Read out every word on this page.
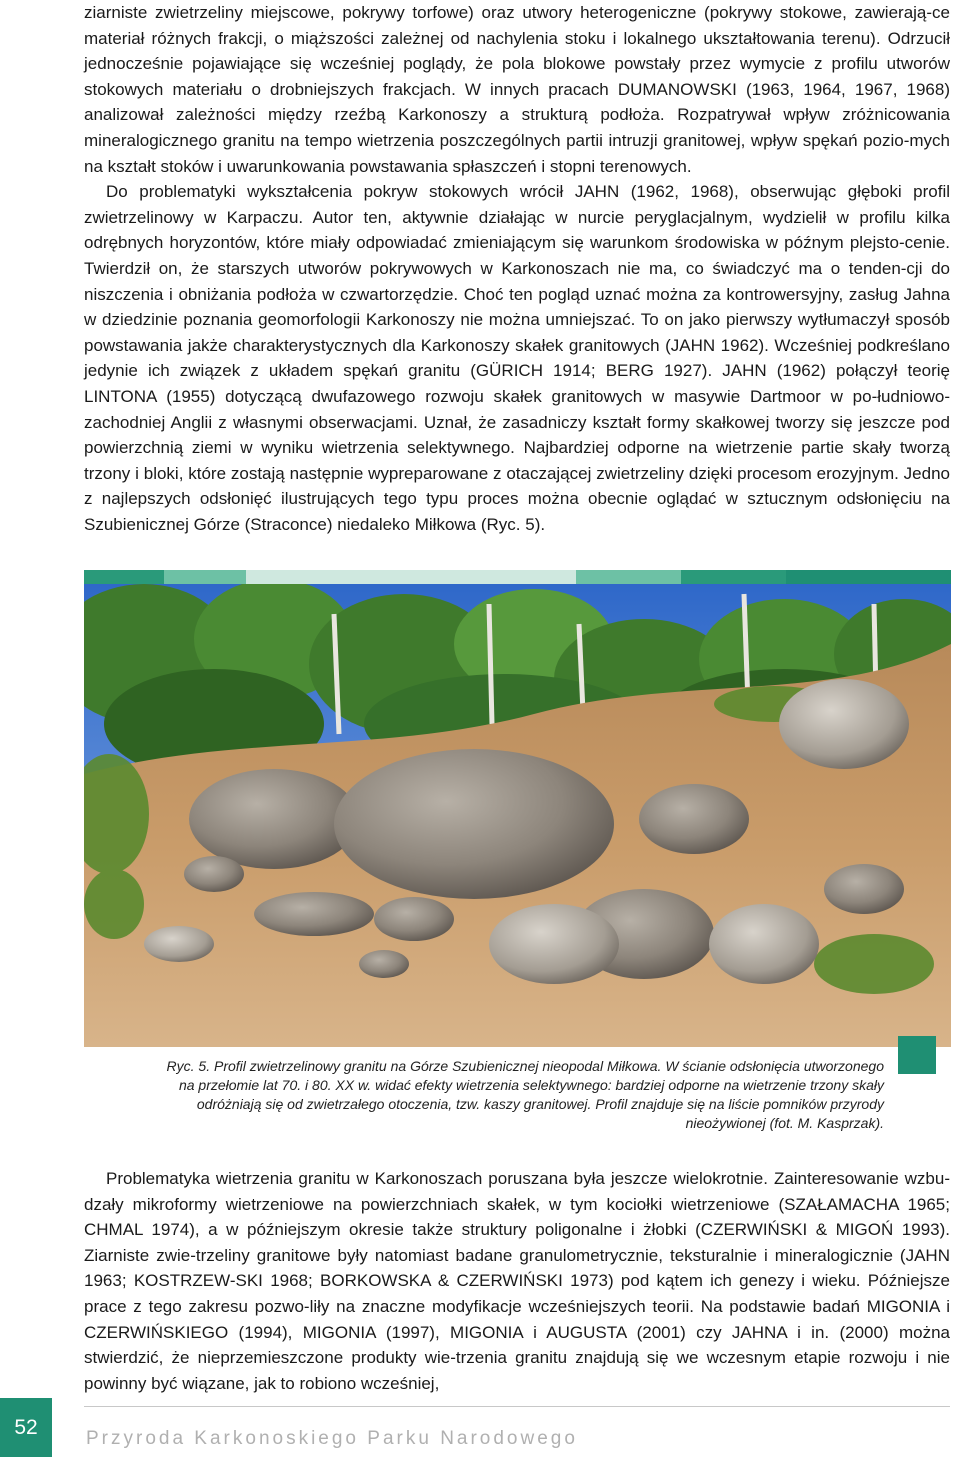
ziarniste zwietrzeliny miejscowe, pokrywy torfowe) oraz utwory heterogeniczne (pokrywy stokowe, zawierają-ce materiał różnych frakcji, o miąższości zależnej od nachylenia stoku i lokalnego ukształtowania terenu). Odrzucił jednocześnie pojawiające się wcześniej poglądy, że pola blokowe powstały przez wymycie z profilu utworów stokowych materiału o drobniejszych frakcjach. W innych pracach DUMANOWSKI (1963, 1964, 1967, 1968) analizował zależności między rzeźbą Karkonoszy a strukturą podłoża. Rozpatrywał wpływ zróżnicowania mineralogicznego granitu na tempo wietrzenia poszczególnych partii intruzji granitowej, wpływ spękań pozio-mych na kształt stoków i uwarunkowania powstawania spłaszczeń i stopni terenowych.

Do problematyki wykształcenia pokryw stokowych wrócił JAHN (1962, 1968), obserwując głęboki profil zwietrzelinowy w Karpaczu. Autor ten, aktywnie działając w nurcie peryglacjalnym, wydzielił w profilu kilka odrębnych horyzontów, które miały odpowiadać zmieniającym się warunkom środowiska w późnym plejsto-cenie. Twierdził on, że starszych utworów pokrywowych w Karkonoszach nie ma, co świadczyć ma o tenden-cji do niszczenia i obniżania podłoża w czwartorzędzie. Choć ten pogląd uznać można za kontrowersyjny, zasług Jahna w dziedzinie poznania geomorfologii Karkonoszy nie można umniejszać. To on jako pierwszy wytłumaczył sposób powstawania jakże charakterystycznych dla Karkonoszy skałek granitowych (JAHN 1962). Wcześniej podkreślano jedynie ich związek z układem spękań granitu (GÜRICH 1914; BERG 1927). JAHN (1962) połączył teorię LINTONA (1955) dotyczącą dwufazowego rozwoju skałek granitowych w masywie Dartmoor w po-łudniowo-zachodniej Anglii z własnymi obserwacjami. Uznał, że zasadniczy kształt formy skałkowej tworzy się jeszcze pod powierzchnią ziemi w wyniku wietrzenia selektywnego. Najbardziej odporne na wietrzenie partie skały tworzą trzony i bloki, które zostają następnie wypreparowane z otaczającej zwietrzeliny dzięki procesom erozyjnym. Jedno z najlepszych odsłonięć ilustrujących tego typu proces można obecnie oglądać w sztucznym odsłonięciu na Szubienicznej Górze (Straconce) niedaleko Miłkowa (Ryc. 5).

Ryc. 5. Profil zwietrzelinowy granitu na Górze Szubienicznej nieopodal Miłkowa. W ścianie odsłonięcia utworzonego na przełomie lat 70. i 80. XX w. widać efekty wietrzenia selektywnego: bardziej odporne na wietrzenie trzony skały odróżniają się od zwietrzałego otoczenia, tzw. kaszy granitowej. Profil znajduje się na liście pomników przyrody nieożywionej (fot. M. Kasprzak).

Problematyka wietrzenia granitu w Karkonoszach poruszana była jeszcze wielokrotnie. Zainteresowanie wzbu-dzały mikroformy wietrzeniowe na powierzchniach skałek, w tym kociołki wietrzeniowe (SZAŁAMACHA 1965; CHMAL 1974), a w późniejszym okresie także struktury poligonalne i żłobki (CZERWIŃSKI & MIGOŃ 1993). Ziarniste zwie-trzeliny granitowe były natomiast badane granulometrycznie, teksturalnie i mineralogicznie (JAHN 1963; KOSTRZEW-SKI 1968; BORKOWSKA & CZERWIŃSKI 1973) pod kątem ich genezy i wieku. Późniejsze prace z tego zakresu pozwo-liły na znaczne modyfikacje wcześniejszych teorii. Na podstawie badań MIGONIA i CZERWIŃSKIEGO (1994), MIGONIA (1997), MIGONIA i AUGUSTA (2001) czy JAHNA i in. (2000) można stwierdzić, że nieprzemieszczone produkty wie-trzenia granitu znajdują się we wczesnym etapie rozwoju i nie powinny być wiązane, jak to robiono wcześniej,

52	Przyroda Karkonoskiego Parku Narodowego
